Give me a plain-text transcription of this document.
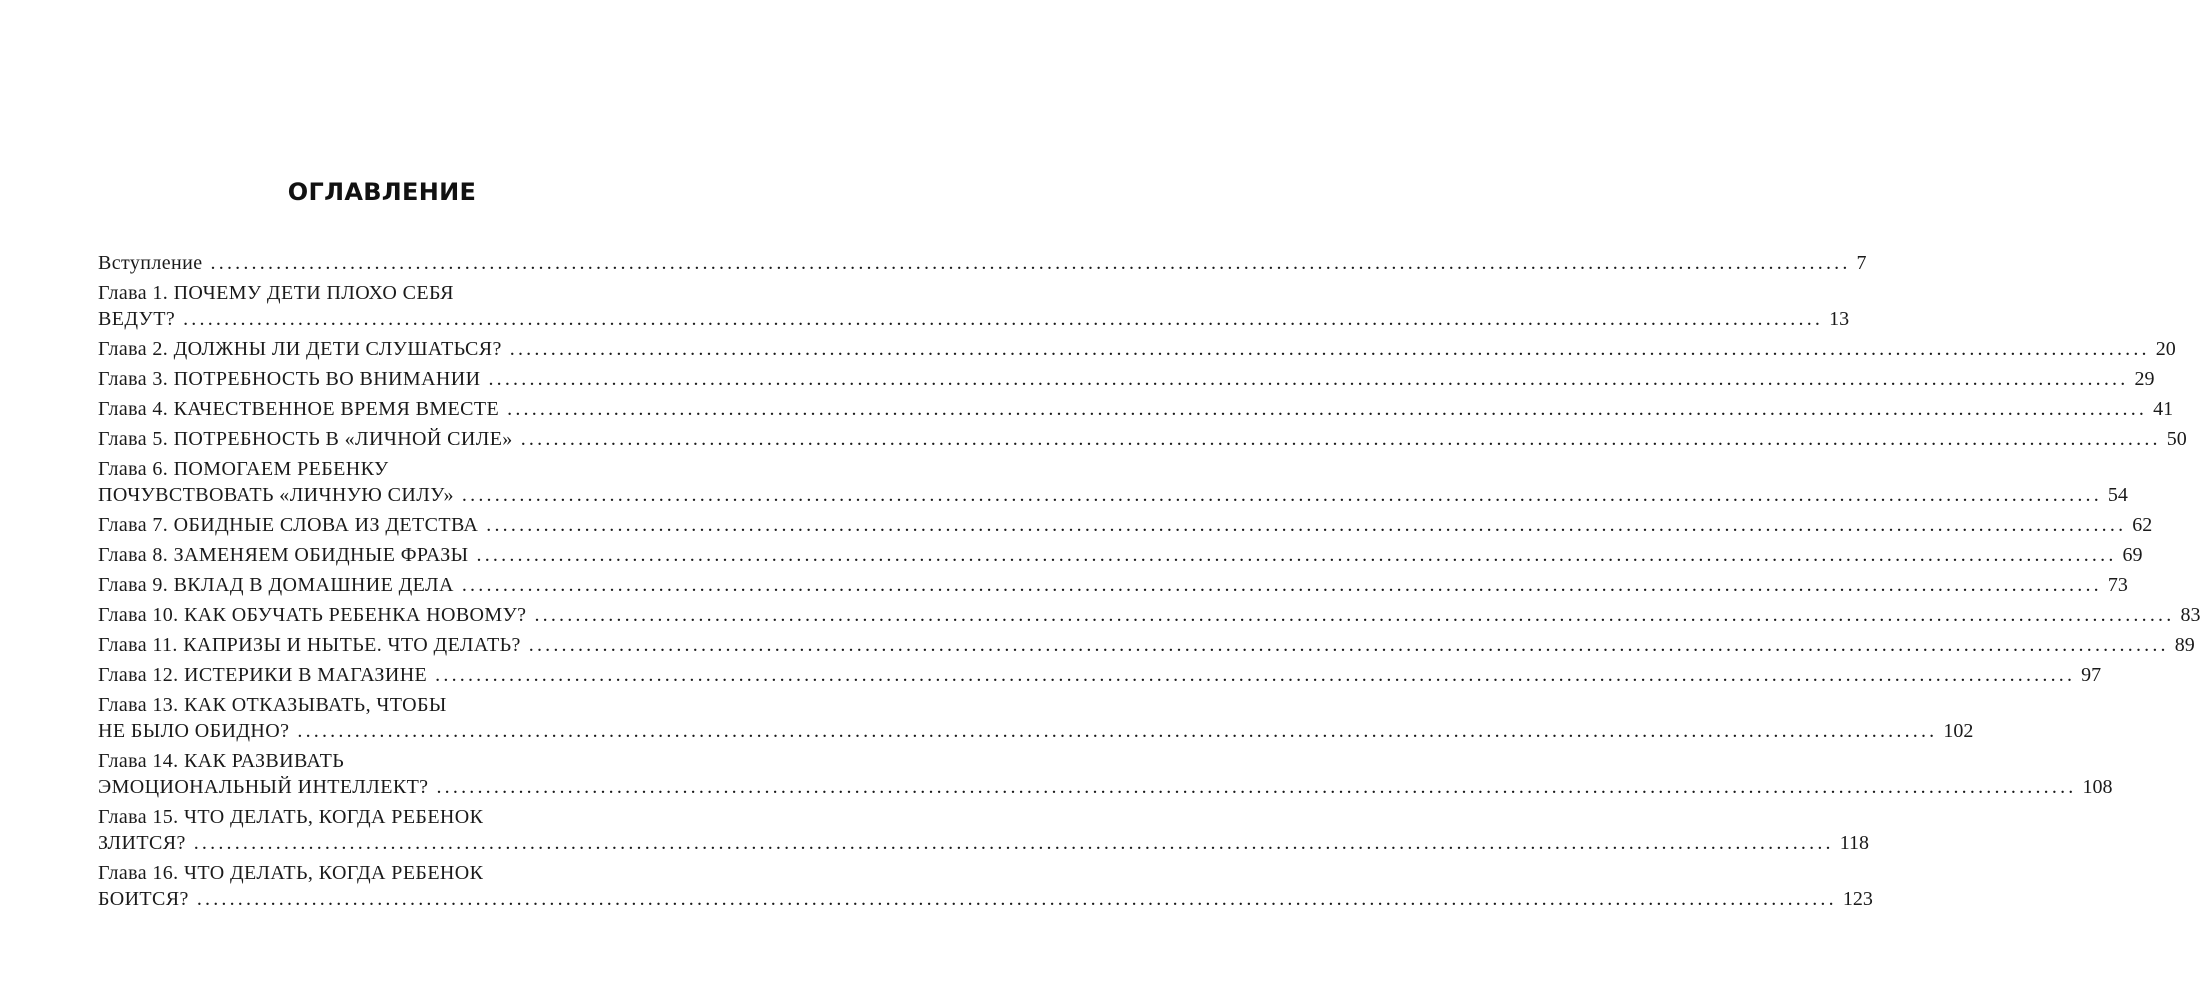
ОГЛАВЛЕНИЕ
Вступление ........................................................................................................................................................................................................ 7
Глава 1. ПОЧЕМУ ДЕТИ ПЛОХО СЕБЯ
ВЕДУТ? ........................................................................................................................................................................................................ 13
Глава 2. ДОЛЖНЫ ЛИ ДЕТИ СЛУШАТЬСЯ? ........................................................................................................................................................................................................ 20
Глава 3. ПОТРЕБНОСТЬ ВО ВНИМАНИИ ........................................................................................................................................................................................................ 29
Глава 4. КАЧЕСТВЕННОЕ ВРЕМЯ ВМЕСТЕ ........................................................................................................................................................................................................ 41
Глава 5. ПОТРЕБНОСТЬ В «ЛИЧНОЙ СИЛЕ» ........................................................................................................................................................................................................ 50
Глава 6. ПОМОГАЕМ РЕБЕНКУ
ПОЧУВСТВОВАТЬ «ЛИЧНУЮ СИЛУ» ........................................................................................................................................................................................................ 54
Глава 7. ОБИДНЫЕ СЛОВА ИЗ ДЕТСТВА ........................................................................................................................................................................................................ 62
Глава 8. ЗАМЕНЯЕМ ОБИДНЫЕ ФРАЗЫ ........................................................................................................................................................................................................ 69
Глава 9. ВКЛАД В ДОМАШНИЕ ДЕЛА ........................................................................................................................................................................................................ 73
Глава 10. КАК ОБУЧАТЬ РЕБЕНКА НОВОМУ? ........................................................................................................................................................................................................ 83
Глава 11. КАПРИЗЫ И НЫТЬЕ. ЧТО ДЕЛАТЬ? ........................................................................................................................................................................................................ 89
Глава 12. ИСТЕРИКИ В МАГАЗИНЕ ........................................................................................................................................................................................................ 97
Глава 13. КАК ОТКАЗЫВАТЬ, ЧТОБЫ
НЕ БЫЛО ОБИДНО? ........................................................................................................................................................................................................ 102
Глава 14. КАК РАЗВИВАТЬ
ЭМОЦИОНАЛЬНЫЙ ИНТЕЛЛЕКТ? ........................................................................................................................................................................................................ 108
Глава 15. ЧТО ДЕЛАТЬ, КОГДА РЕБЕНОК
ЗЛИТСЯ? ........................................................................................................................................................................................................ 118
Глава 16. ЧТО ДЕЛАТЬ, КОГДА РЕБЕНОК
БОИТСЯ? ........................................................................................................................................................................................................ 123
